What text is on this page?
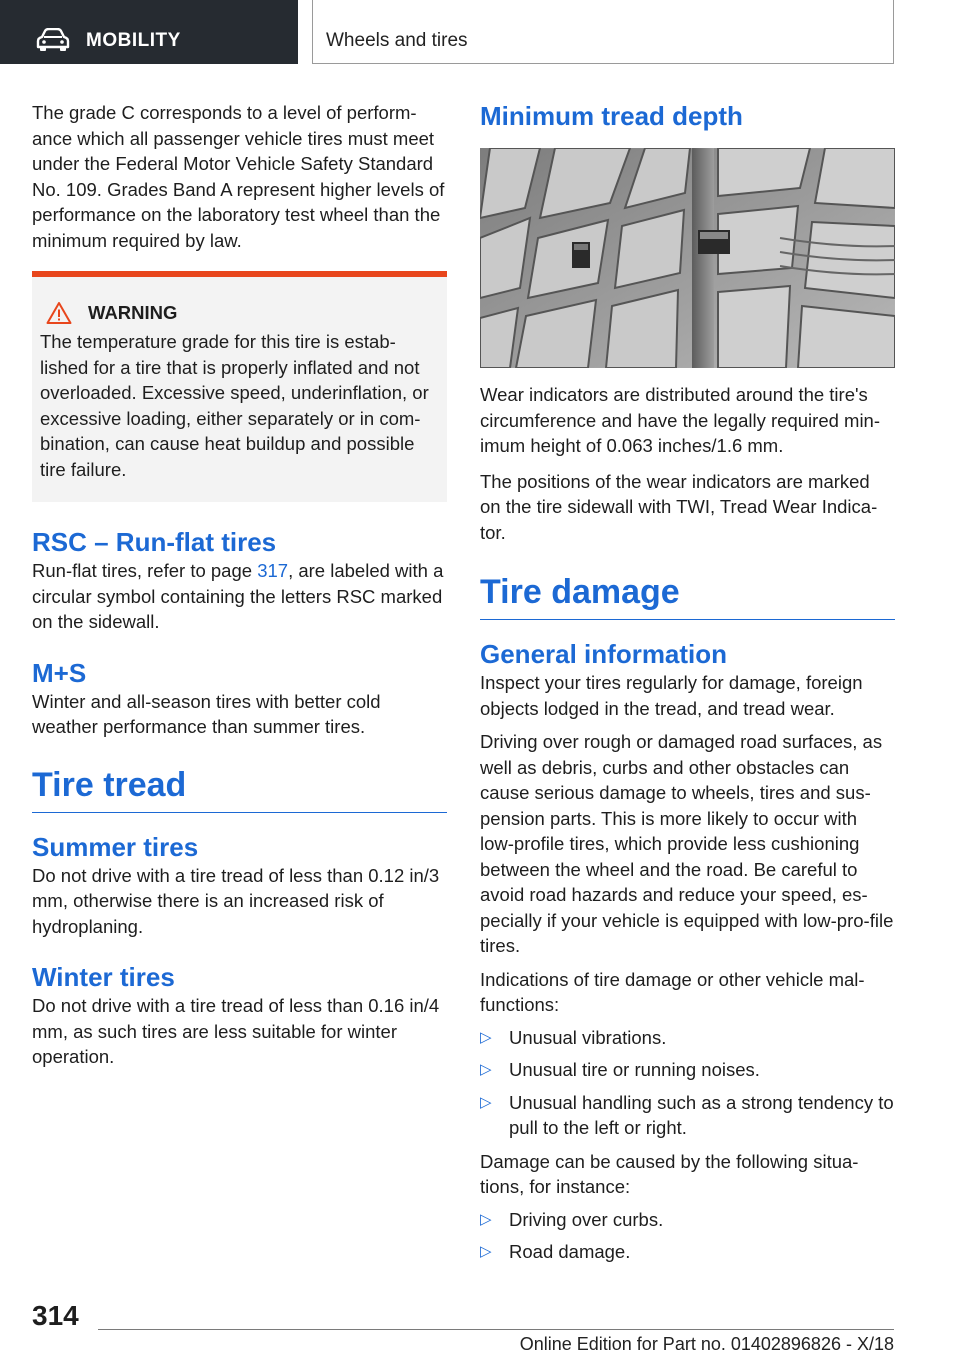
MOBILITY	Wheels and tires

The grade C corresponds to a level of perform-ance which all passenger vehicle tires must meet under the Federal Motor Vehicle Safety Standard No. 109. Grades Band A represent higher levels of performance on the laboratory test wheel than the minimum required by law.

WARNING

The temperature grade for this tire is estab-lished for a tire that is properly inflated and not overloaded. Excessive speed, underinflation, or excessive loading, either separately or in com-bination, can cause heat buildup and possible tire failure.

RSC – Run-flat tires

Run-flat tires, refer to page 317, are labeled with a circular symbol containing the letters RSC marked on the sidewall.

M+S

Winter and all-season tires with better cold weather performance than summer tires.

Tire tread
Summer tires

Do not drive with a tire tread of less than 0.12 in/3 mm, otherwise there is an increased risk of hydroplaning.

Winter tires

Do not drive with a tire tread of less than 0.16 in/4 mm, as such tires are less suitable for winter operation.

Minimum tread depth

Wear indicators are distributed around the tire's circumference and have the legally required min-imum height of 0.063 inches/1.6 mm.

The positions of the wear indicators are marked on the tire sidewall with TWI, Tread Wear Indica-tor.

Tire damage
General information

Inspect your tires regularly for damage, foreign objects lodged in the tread, and tread wear.

Driving over rough or damaged road surfaces, as well as debris, curbs and other obstacles can cause serious damage to wheels, tires and sus-pension parts. This is more likely to occur with low-profile tires, which provide less cushioning between the wheel and the road. Be careful to avoid road hazards and reduce your speed, es-pecially if your vehicle is equipped with low-pro-file tires.

Indications of tire damage or other vehicle mal-functions:

▷ Unusual vibrations.
▷ Unusual tire or running noises.
▷ Unusual handling such as a strong tendency to pull to the left or right.

Damage can be caused by the following situa-tions, for instance:

▷ Driving over curbs.
▷ Road damage.
314
Online Edition for Part no. 01402896826 - X/18
